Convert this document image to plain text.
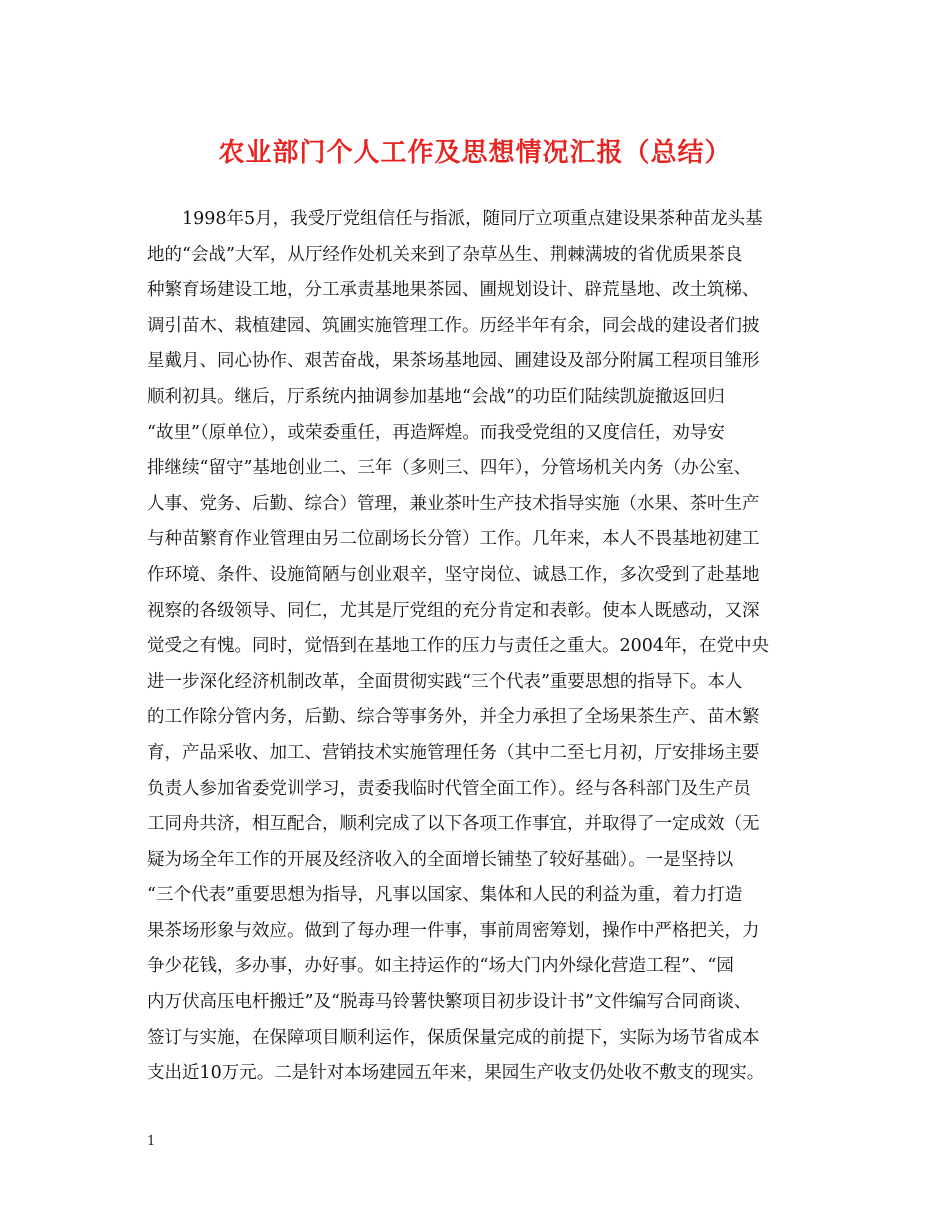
农业部门个人工作及思想情况汇报（总结）
1998年5月，我受厅党组信任与指派，随同厅立项重点建设果茶种苗龙头基
地的“会战”大军，从厅经作处机关来到了杂草丛生、荆棘满坡的省优质果茶良
种繁育场建设工地，分工承责基地果茶园、圃规划设计、辟荒垦地、改土筑梯、
调引苗木、栽植建园、筑圃实施管理工作。历经半年有余，同会战的建设者们披
星戴月、同心协作、艰苦奋战，果茶场基地园、圃建设及部分附属工程项目雏形
顺利初具。继后，厅系统内抽调参加基地“会战”的功臣们陆续凯旋撤返回归
“故里”（原单位），或荣委重任，再造辉煌。而我受党组的又度信任，劝导安
排继续“留守”基地创业二、三年（多则三、四年），分管场机关内务（办公室、
人事、党务、后勤、综合）管理，兼业茶叶生产技术指导实施（水果、茶叶生产
与种苗繁育作业管理由另二位副场长分管）工作。几年来，本人不畏基地初建工
作环境、条件、设施简陋与创业艰辛，坚守岗位、诚恳工作，多次受到了赴基地
视察的各级领导、同仁，尤其是厅党组的充分肯定和表彰。使本人既感动，又深
觉受之有愧。同时，觉悟到在基地工作的压力与责任之重大。2004年，在党中央
进一步深化经济机制改革，全面贯彻实践“三个代表”重要思想的指导下。本人
的工作除分管内务，后勤、综合等事务外，并全力承担了全场果茶生产、苗木繁
育，产品采收、加工、营销技术实施管理任务（其中二至七月初，厅安排场主要
负责人参加省委党训学习，责委我临时代管全面工作）。经与各科部门及生产员
工同舟共济，相互配合，顺利完成了以下各项工作事宜，并取得了一定成效（无
疑为场全年工作的开展及经济收入的全面增长铺垫了较好基础）。一是坚持以
“三个代表”重要思想为指导，凡事以国家、集体和人民的利益为重，着力打造
果茶场形象与效应。做到了每办理一件事，事前周密筹划，操作中严格把关，力
争少花钱，多办事，办好事。如主持运作的“场大门内外绿化营造工程”、“园
内万伏高压电杆搬迁”及“脱毒马铃薯快繁项目初步设计书”文件编写合同商谈、
签订与实施，在保障项目顺利运作，保质保量完成的前提下，实际为场节省成本
支出近10万元。二是针对本场建园五年来，果园生产收支仍处收不敷支的现实。
1
